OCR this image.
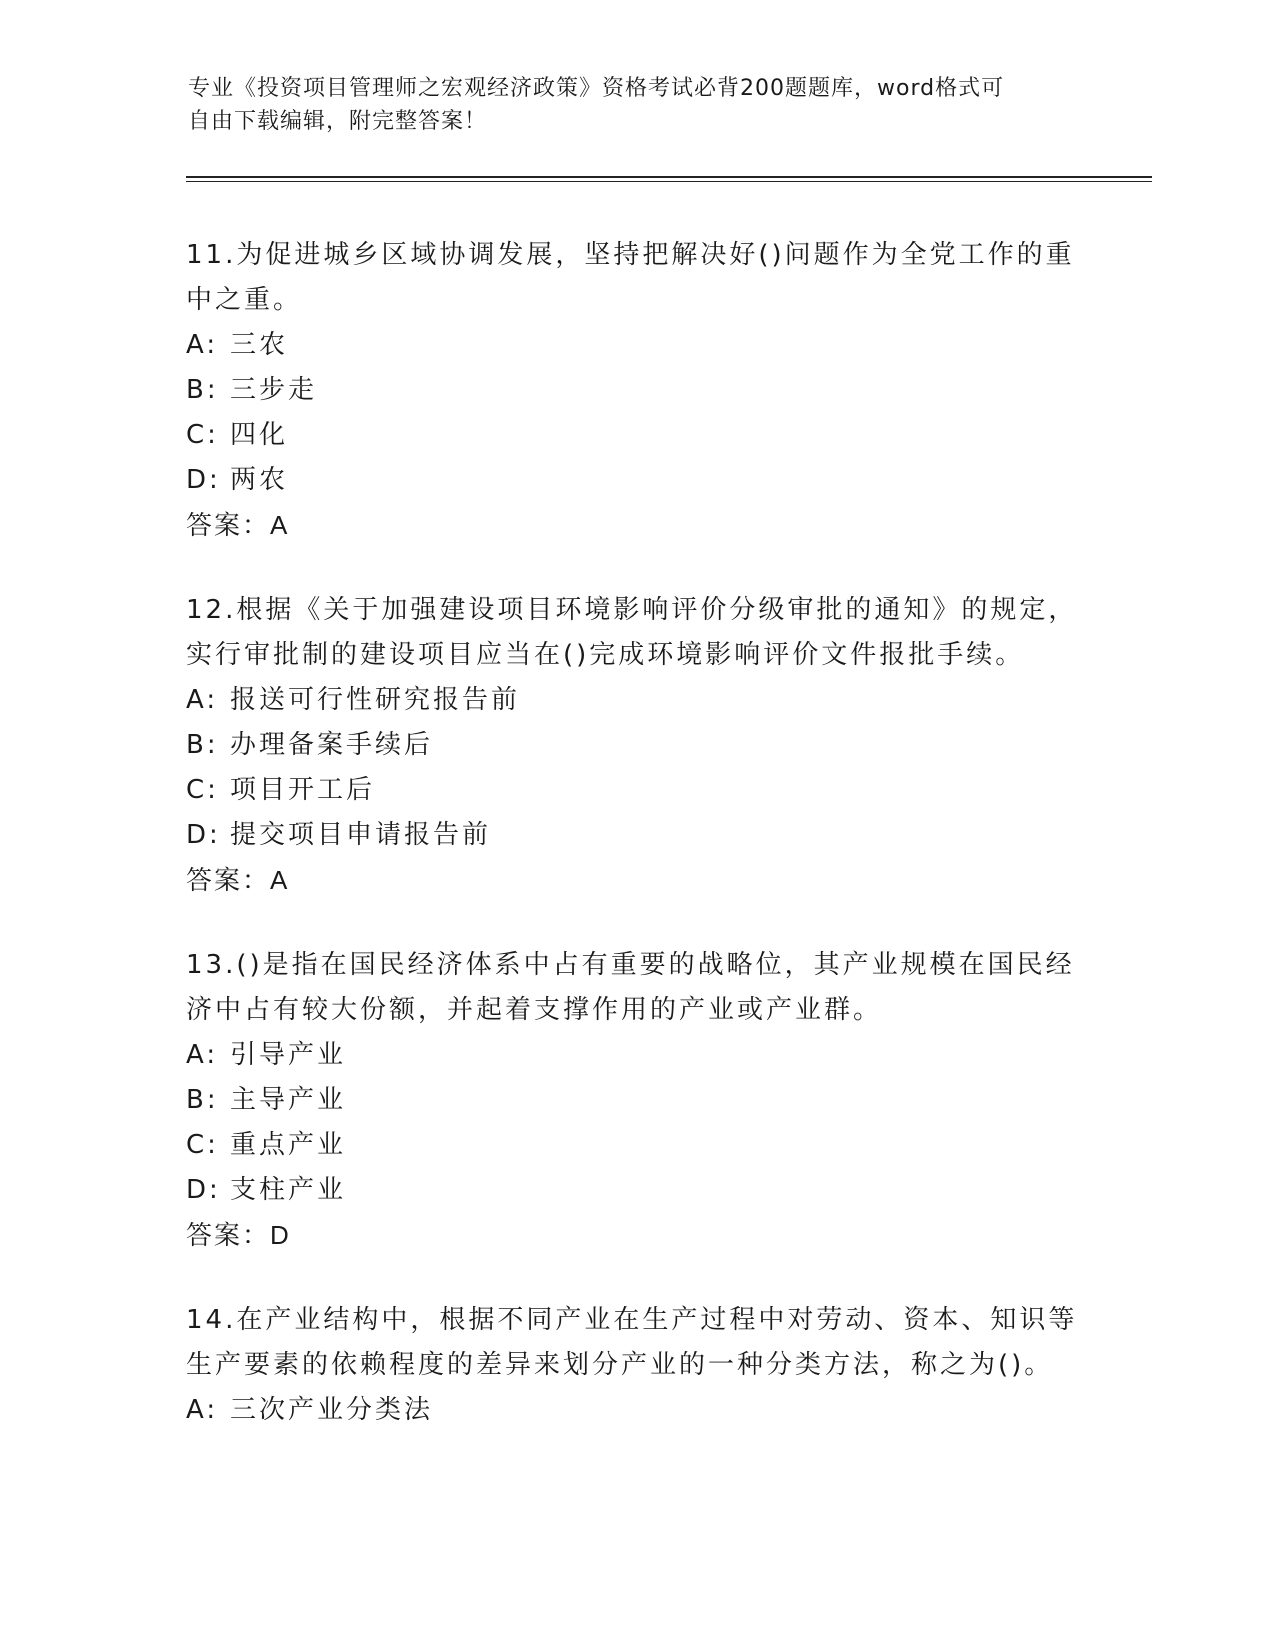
专业《投资项目管理师之宏观经济政策》资格考试必背200题题库，word格式可
自由下载编辑，附完整答案！

11.为促进城乡区域协调发展，坚持把解决好()问题作为全党工作的重中之重。

A: 三农
B: 三步走
C: 四化
D: 两农

答案：A

12.根据《关于加强建设项目环境影响评价分级审批的通知》的规定，实行审批制的建设项目应当在()完成环境影响评价文件报批手续。

A: 报送可行性研究报告前
B: 办理备案手续后
C: 项目开工后
D: 提交项目申请报告前

答案：A

13.()是指在国民经济体系中占有重要的战略位，其产业规模在国民经济中占有较大份额，并起着支撑作用的产业或产业群。

A: 引导产业
B: 主导产业
C: 重点产业
D: 支柱产业

答案：D

14.在产业结构中，根据不同产业在生产过程中对劳动、资本、知识等生产要素的依赖程度的差异来划分产业的一种分类方法，称之为()。

A: 三次产业分类法
